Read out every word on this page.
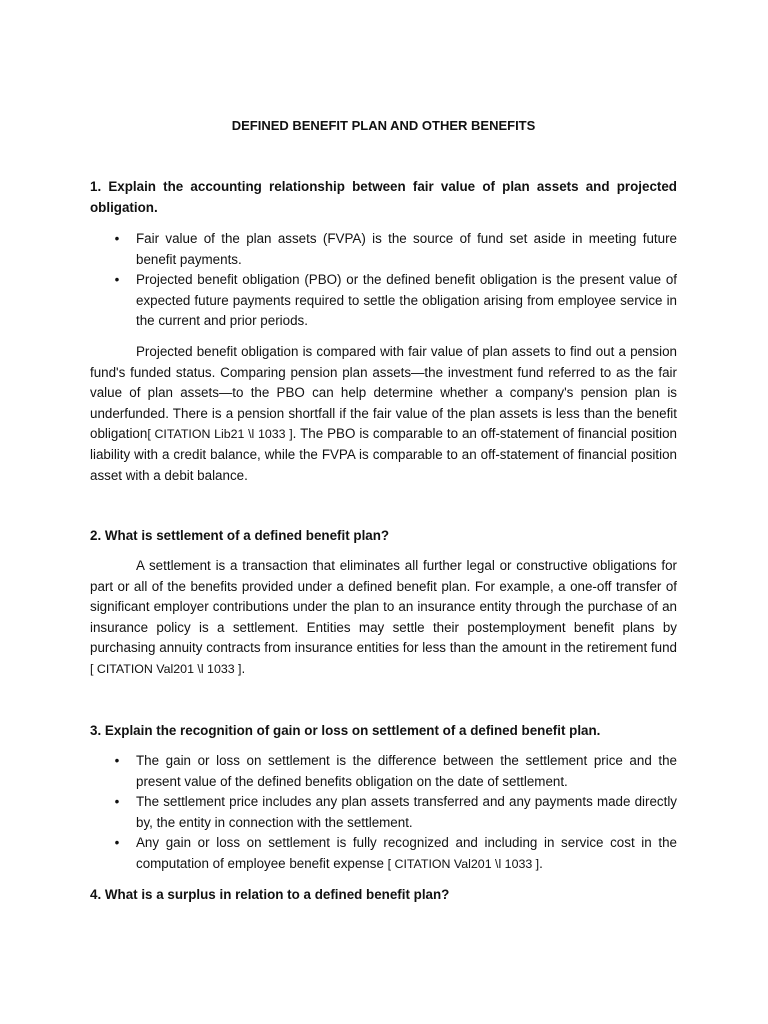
DEFINED BENEFIT PLAN AND OTHER BENEFITS
1. Explain the accounting relationship between fair value of plan assets and projected obligation.
• Fair value of the plan assets (FVPA) is the source of fund set aside in meeting future benefit payments.
• Projected benefit obligation (PBO) or the defined benefit obligation is the present value of expected future payments required to settle the obligation arising from employee service in the current and prior periods.
Projected benefit obligation is compared with fair value of plan assets to find out a pension fund's funded status. Comparing pension plan assets—the investment fund referred to as the fair value of plan assets—to the PBO can help determine whether a company's pension plan is underfunded. There is a pension shortfall if the fair value of the plan assets is less than the benefit obligation[ CITATION Lib21 \l 1033 ]. The PBO is comparable to an off-statement of financial position liability with a credit balance, while the FVPA is comparable to an off-statement of financial position asset with a debit balance.
2. What is settlement of a defined benefit plan?
A settlement is a transaction that eliminates all further legal or constructive obligations for part or all of the benefits provided under a defined benefit plan. For example, a one-off transfer of significant employer contributions under the plan to an insurance entity through the purchase of an insurance policy is a settlement. Entities may settle their postemployment benefit plans by purchasing annuity contracts from insurance entities for less than the amount in the retirement fund [ CITATION Val201 \l 1033 ].
3. Explain the recognition of gain or loss on settlement of a defined benefit plan.
• The gain or loss on settlement is the difference between the settlement price and the present value of the defined benefits obligation on the date of settlement.
• The settlement price includes any plan assets transferred and any payments made directly by, the entity in connection with the settlement.
• Any gain or loss on settlement is fully recognized and including in service cost in the computation of employee benefit expense [ CITATION Val201 \l 1033 ].
4. What is a surplus in relation to a defined benefit plan?
